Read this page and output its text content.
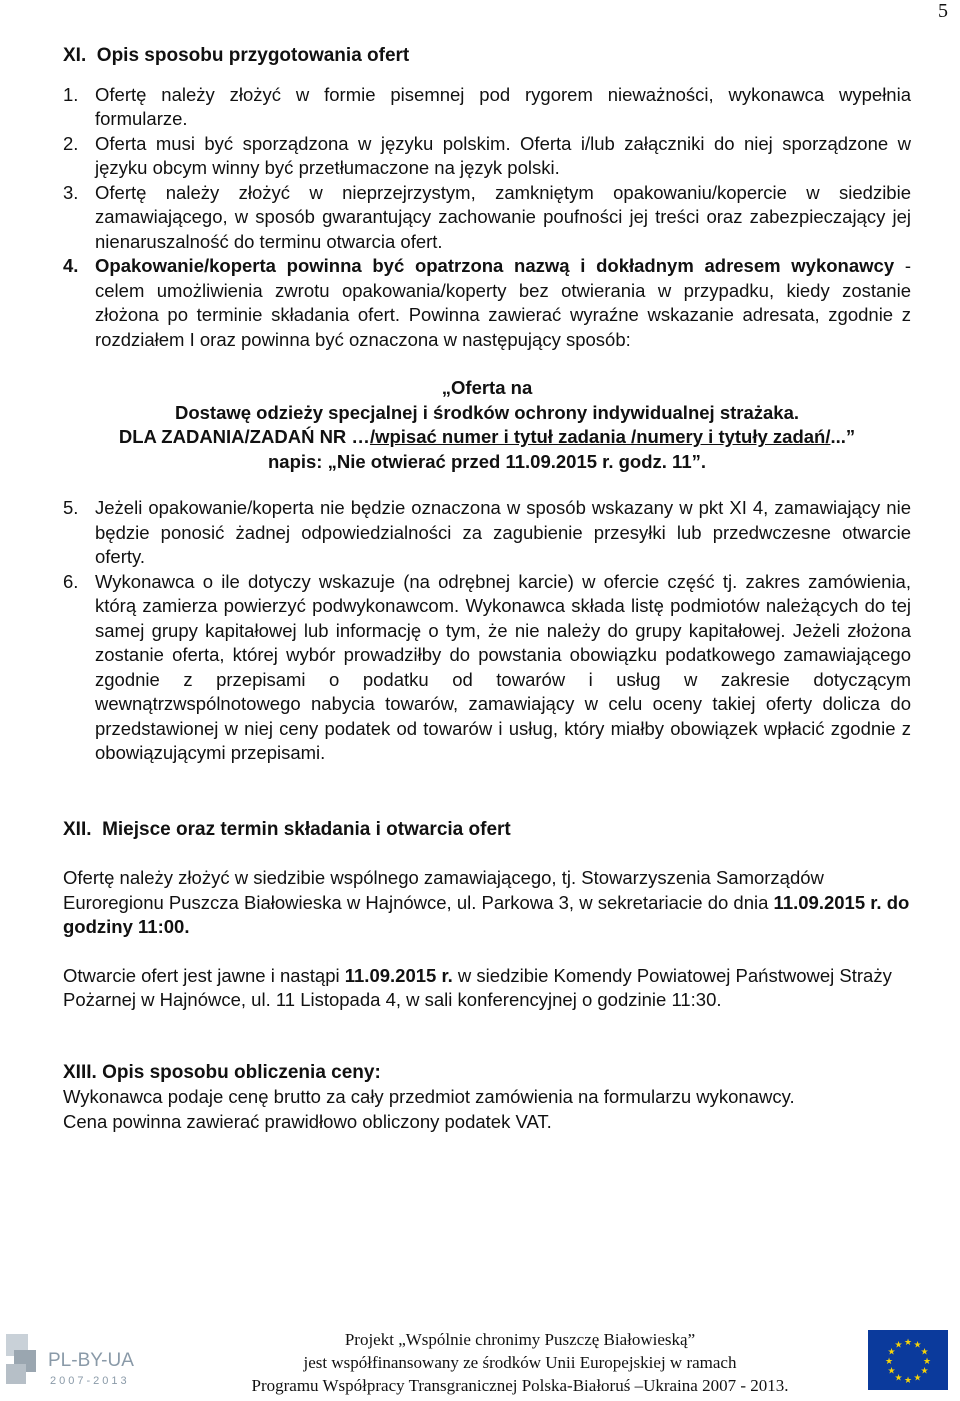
5

XI. Opis sposobu przygotowania ofert

1. Ofertę należy złożyć w formie pisemnej pod rygorem nieważności, wykonawca wypełnia formularze.
2. Oferta musi być sporządzona w języku polskim. Oferta i/lub załączniki do niej sporządzone w języku obcym winny być przetłumaczone na język polski.
3. Ofertę należy złożyć w nieprzejrzystym, zamkniętym opakowaniu/kopercie w siedzibie zamawiającego, w sposób gwarantujący zachowanie poufności jej treści oraz zabezpieczający jej nienaruszalność do terminu otwarcia ofert.
4. Opakowanie/koperta powinna być opatrzona nazwą i dokładnym adresem wykonawcy - celem umożliwienia zwrotu opakowania/koperty bez otwierania w przypadku, kiedy zostanie złożona po terminie składania ofert. Powinna zawierać wyraźne wskazanie adresata, zgodnie z rozdziałem I oraz powinna być oznaczona w następujący sposób:
„Oferta na
Dostawę odzieży specjalnej i środków ochrony indywidualnej strażaka.
DLA ZADANIA/ZADAŃ NR …/wpisać numer i tytuł zadania /numery i tytuły zadań/...”
napis: „Nie otwierać przed 11.09.2015 r. godz. 11”.
5. Jeżeli opakowanie/koperta nie będzie oznaczona w sposób wskazany w pkt XI 4, zamawiający nie będzie ponosić żadnej odpowiedzialności za zagubienie przesyłki lub przedwczesne otwarcie oferty.
6. Wykonawca o ile dotyczy wskazuje (na odrębnej karcie) w ofercie część tj. zakres zamówienia, którą zamierza powierzyć podwykonawcom. Wykonawca składa listę podmiotów należących do tej samej grupy kapitałowej lub informację o tym, że nie należy do grupy kapitałowej. Jeżeli złożona zostanie oferta, której wybór prowadziłby do powstania obowiązku podatkowego zamawiającego zgodnie z przepisami o podatku od towarów i usług w zakresie dotyczącym wewnątrzwspólnotowego nabycia towarów, zamawiający w celu oceny takiej oferty dolicza do przedstawionej w niej ceny podatek od towarów i usług, który miałby obowiązek wpłacić zgodnie z obowiązującymi przepisami.

XII. Miejsce oraz termin składania i otwarcia ofert

Ofertę należy złożyć w siedzibie wspólnego zamawiającego, tj. Stowarzyszenia Samorządów Euroregionu Puszcza Białowieska w Hajnówce, ul. Parkowa 3, w sekretariacie do dnia 11.09.2015 r. do godziny 11:00.
Otwarcie ofert jest jawne i nastąpi 11.09.2015 r. w siedzibie Komendy Powiatowej Państwowej Straży Pożarnej w Hajnówce, ul. 11 Listopada 4, w sali konferencyjnej o godzinie 11:30.

XIII. Opis sposobu obliczenia ceny:

Wykonawca podaje cenę brutto za cały przedmiot zamówienia na formularzu wykonawcy.
Cena powinna zawierać prawidłowo obliczony podatek VAT.
PL-BY-UA
2007-2013
Projekt „Wspólnie chronimy Puszczę Białowieską”
jest współfinansowany ze środków Unii Europejskiej w ramach
Programu Współpracy Transgranicznej Polska-Białoruś –Ukraina 2007 - 2013.
★ ★
★
★
★
★
★
★
★
★
★
★
